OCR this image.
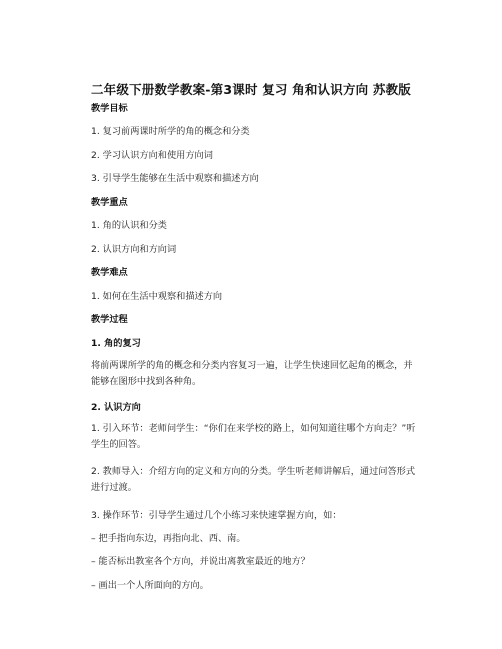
二年级下册数学教案-第3课时 复习 角和认识方向 苏教版
教学目标
1. 复习前两课时所学的角的概念和分类
2. 学习认识方向和使用方向词
3. 引导学生能够在生活中观察和描述方向
教学重点
1. 角的认识和分类
2. 认识方向和方向词
教学难点
1. 如何在生活中观察和描述方向
教学过程
1. 角的复习
将前两课所学的角的概念和分类内容复习一遍，让学生快速回忆起角的概念，并能够在图形中找到各种角。
2. 认识方向
1. 引入环节：老师问学生：“你们在来学校的路上，如何知道往哪个方向走？”听学生的回答。
2. 教师导入：介绍方向的定义和方向的分类。学生听老师讲解后，通过问答形式进行过渡。
3. 操作环节：引导学生通过几个小练习来快速掌握方向，如：
– 把手指向东边，再指向北、西、南。
– 能否标出教室各个方向，并说出离教室最近的地方？
– 画出一个人所面向的方向。
